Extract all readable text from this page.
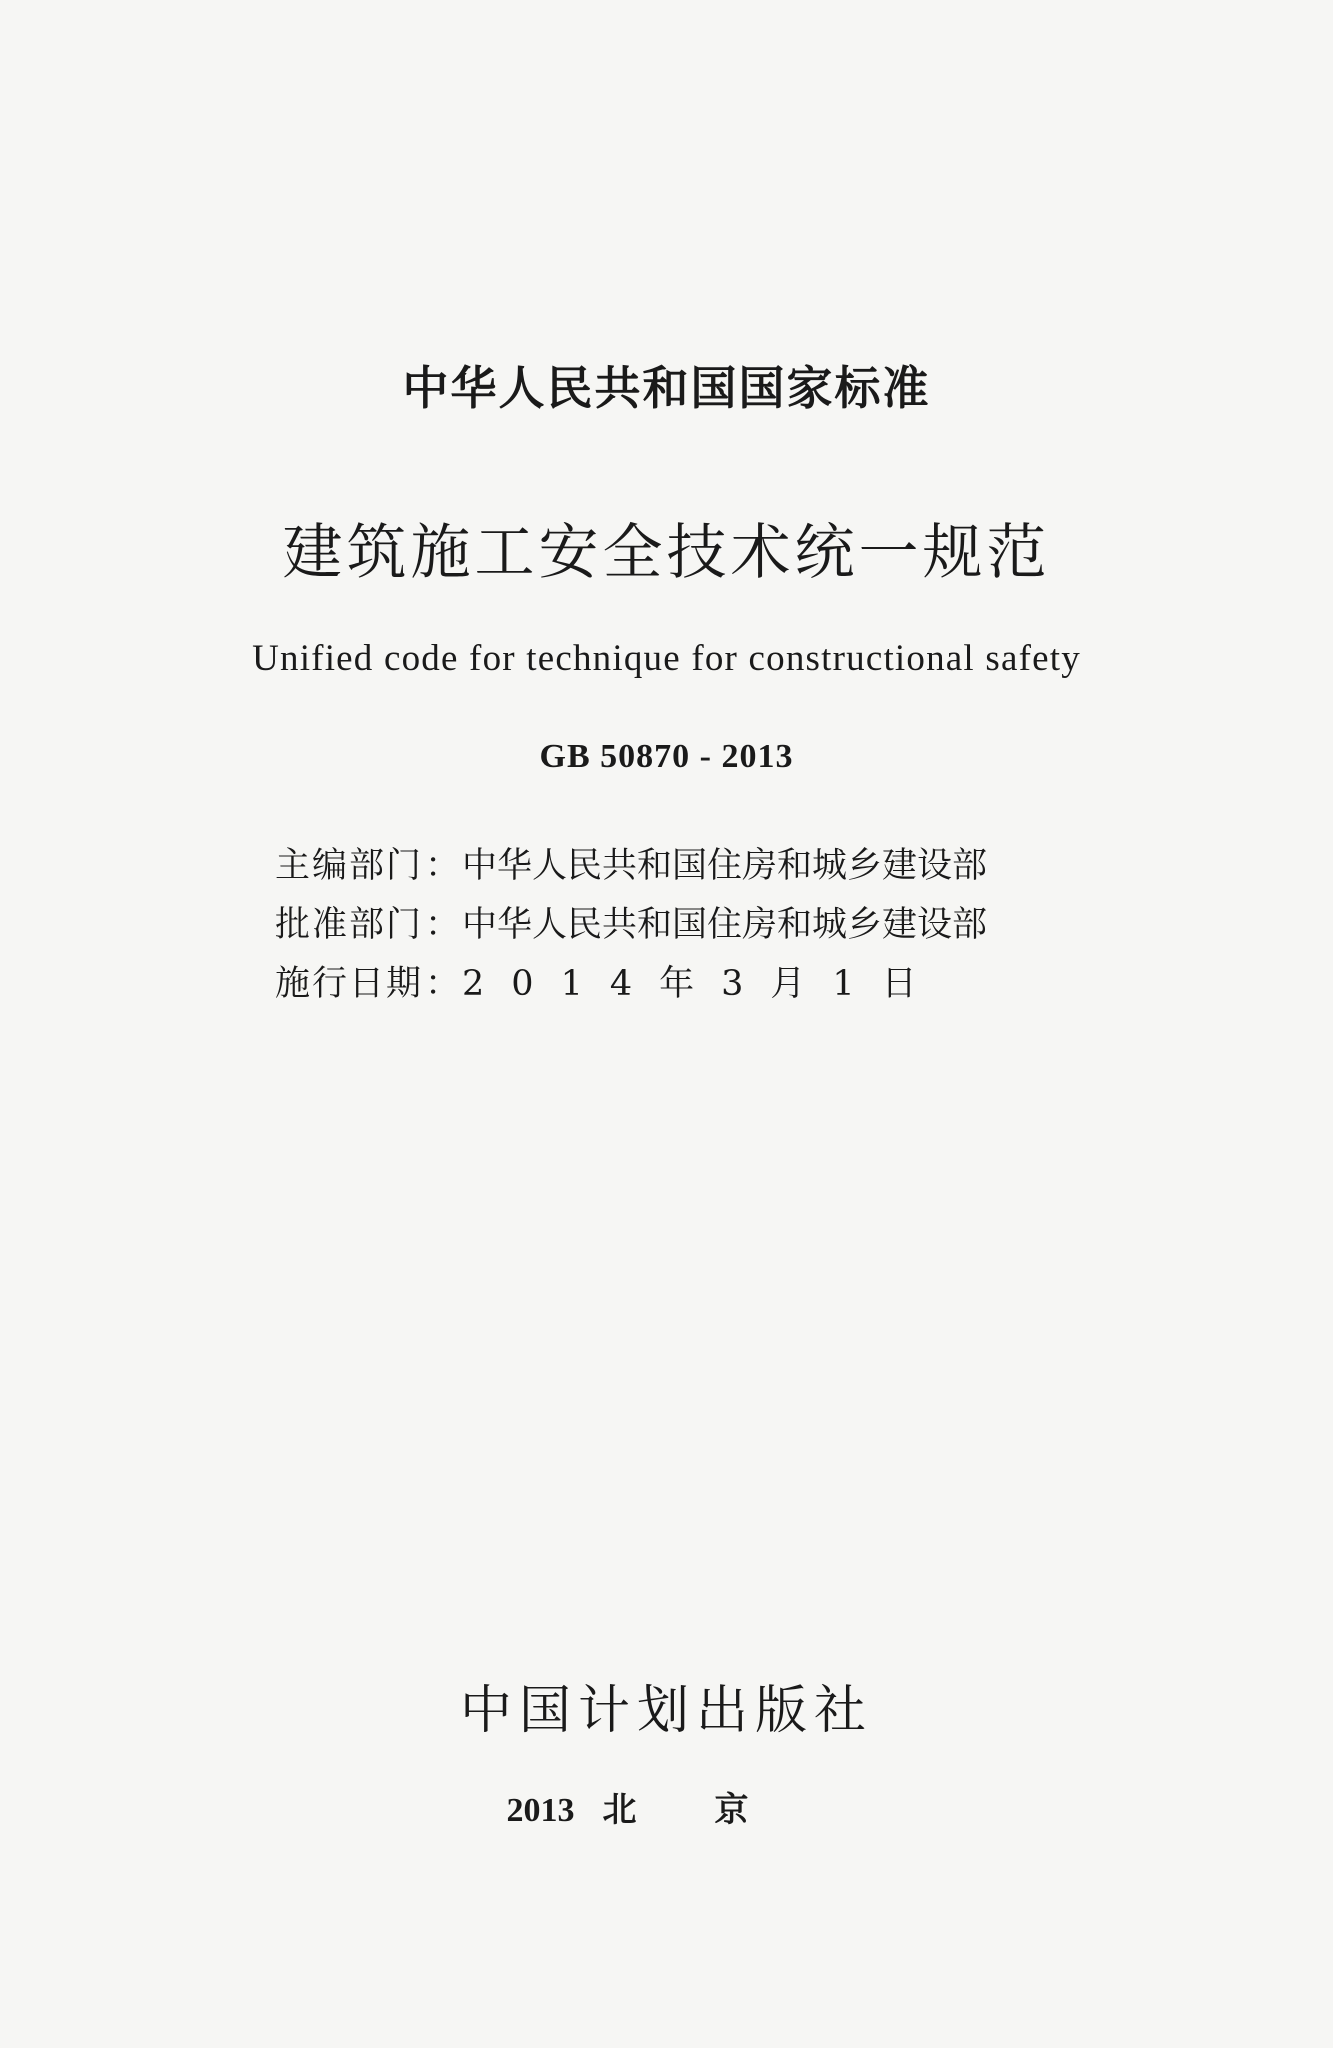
中华人民共和国国家标准
建筑施工安全技术统一规范
Unified code for technique for constructional safety
GB 50870 - 2013
主编部门：中华人民共和国住房和城乡建设部
批准部门：中华人民共和国住房和城乡建设部
施行日期：2014年3月1日
中国计划出版社
2013 北京
